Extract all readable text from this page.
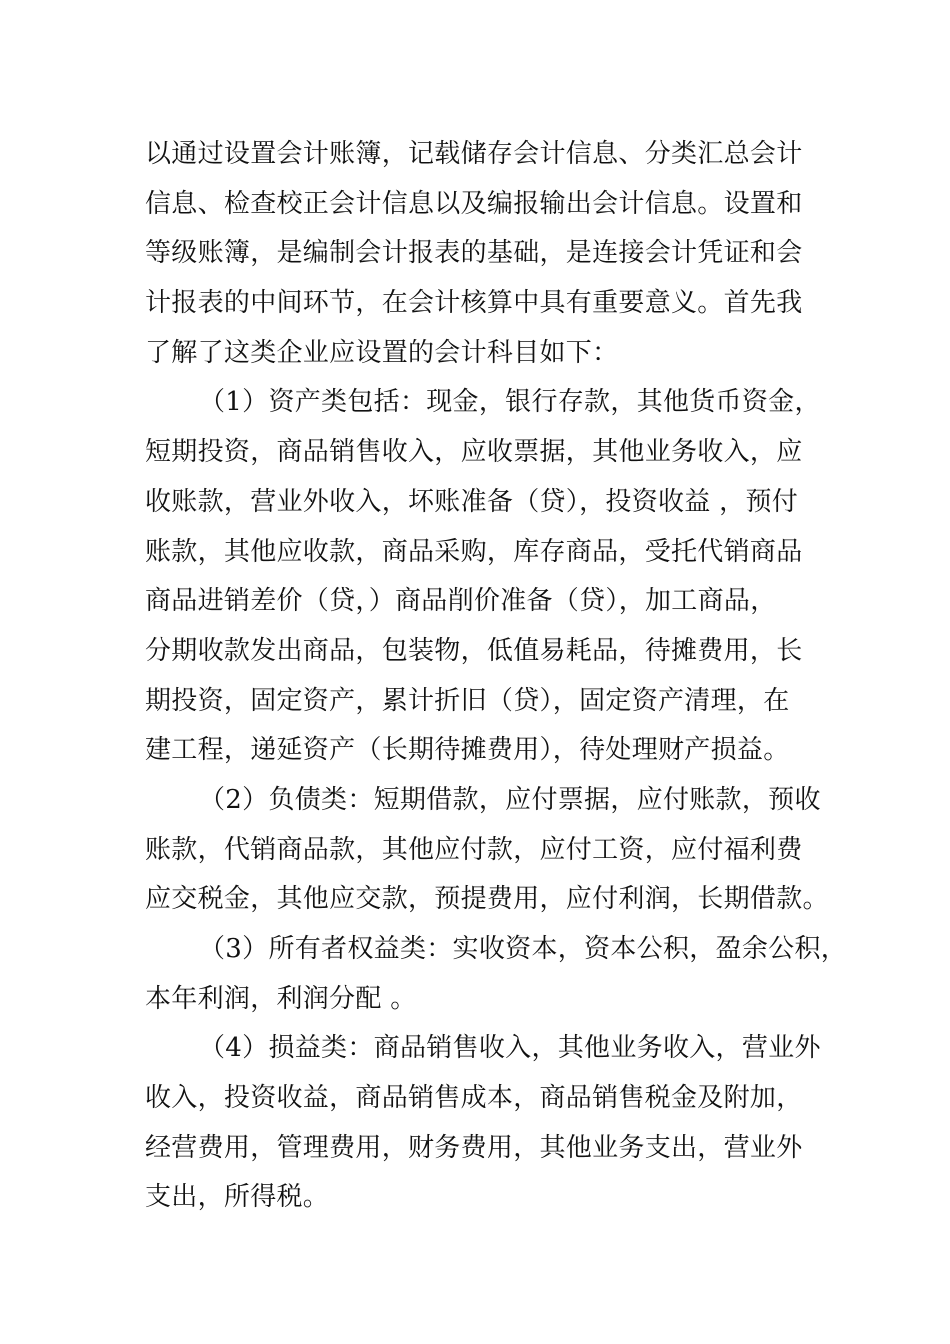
以通过设置会计账簿，记载储存会计信息、分类汇总会计
信息、检查校正会计信息以及编报输出会计信息。设置和
等级账簿，是编制会计报表的基础，是连接会计凭证和会
计报表的中间环节，在会计核算中具有重要意义。首先我
了解了这类企业应设置的会计科目如下：
（1）资产类包括：现金，银行存款，其他货币资金，
短期投资，商品销售收入，应收票据，其他业务收入，应
收账款，营业外收入，坏账准备（贷），投资收益 ，预付
账款，其他应收款，商品采购，库存商品，受托代销商品
商品进销差价（贷，）商品削价准备（贷），加工商品，
分期收款发出商品，包装物，低值易耗品，待摊费用，长
期投资，固定资产，累计折旧（贷），固定资产清理，在
建工程，递延资产（长期待摊费用），待处理财产损益。
（2）负债类：短期借款，应付票据，应付账款，预收
账款，代销商品款，其他应付款，应付工资，应付福利费
应交税金，其他应交款，预提费用，应付利润，长期借款。
（3）所有者权益类：实收资本，资本公积，盈余公积，
本年利润，利润分配 。
（4）损益类：商品销售收入，其他业务收入，营业外
收入，投资收益，商品销售成本，商品销售税金及附加，
经营费用，管理费用，财务费用，其他业务支出，营业外
支出，所得税。
